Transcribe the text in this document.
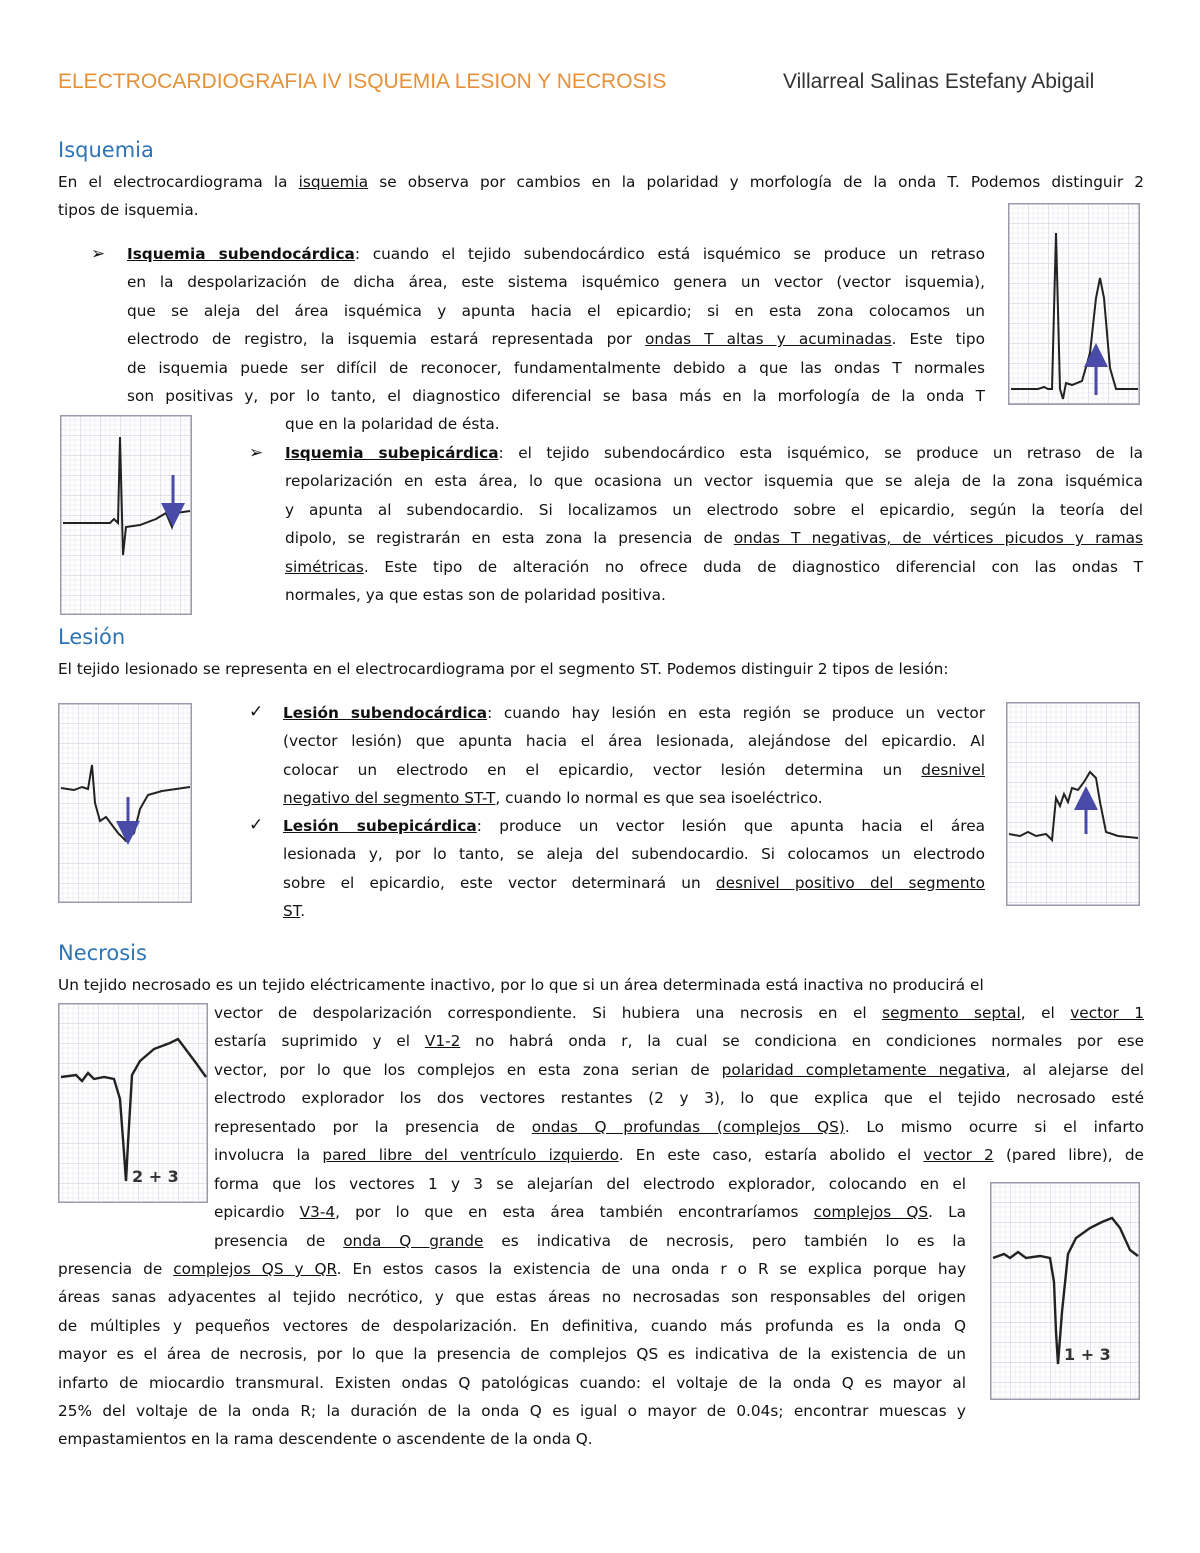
ELECTROCARDIOGRAFIA IV ISQUEMIA LESION Y NECROSIS	Villarreal Salinas Estefany Abigail
Isquemia
En el electrocardiograma la isquemia se observa por cambios en la polaridad y morfología de la onda T. Podemos distinguir 2
tipos de isquemia.
➢ Isquemia subendocárdica: cuando el tejido subendocárdico está isquémico se produce un retraso
en la despolarización de dicha área, este sistema isquémico genera un vector (vector isquemia),
que se aleja del área isquémica y apunta hacia el epicardio; si en esta zona colocamos un
electrodo de registro, la isquemia estará representada por ondas T altas y acuminadas. Este tipo
de isquemia puede ser difícil de reconocer, fundamentalmente debido a que las ondas T normales
son positivas y, por lo tanto, el diagnostico diferencial se basa más en la morfología de la onda T
que en la polaridad de ésta.
➢ Isquemia subepicárdica: el tejido subendocárdico esta isquémico, se produce un retraso de la
repolarización en esta área, lo que ocasiona un vector isquemia que se aleja de la zona isquémica
y apunta al subendocardio. Si localizamos un electrodo sobre el epicardio, según la teoría del
dipolo, se registrarán en esta zona la presencia de ondas T negativas, de vértices picudos y ramas
simétricas. Este tipo de alteración no ofrece duda de diagnostico diferencial con las ondas T
normales, ya que estas son de polaridad positiva.
Lesión
El tejido lesionado se representa en el electrocardiograma por el segmento ST. Podemos distinguir 2 tipos de lesión:
✓ Lesión subendocárdica: cuando hay lesión en esta región se produce un vector
(vector lesión) que apunta hacia el área lesionada, alejándose del epicardio. Al
colocar un electrodo en el epicardio, vector lesión determina un desnivel
negativo del segmento ST-T, cuando lo normal es que sea isoeléctrico.
✓ Lesión subepicárdica: produce un vector lesión que apunta hacia el área
lesionada y, por lo tanto, se aleja del subendocardio. Si colocamos un electrodo
sobre el epicardio, este vector determinará un desnivel positivo del segmento
ST.
Necrosis
Un tejido necrosado es un tejido eléctricamente inactivo, por lo que si un área determinada está inactiva no producirá el
vector de despolarización correspondiente. Si hubiera una necrosis en el segmento septal, el vector 1
estaría suprimido y el V1-2 no habrá onda r, la cual se condiciona en condiciones normales por ese
vector, por lo que los complejos en esta zona serian de polaridad completamente negativa, al alejarse del
electrodo explorador los dos vectores restantes (2 y 3), lo que explica que el tejido necrosado esté
representado por la presencia de ondas Q profundas (complejos QS). Lo mismo ocurre si el infarto
involucra la pared libre del ventrículo izquierdo. En este caso, estaría abolido el vector 2 (pared libre), de
forma que los vectores 1 y 3 se alejarían del electrodo explorador, colocando en el
epicardio V3-4, por lo que en esta área también encontraríamos complejos QS. La
presencia de onda Q grande es indicativa de necrosis, pero también lo es la
presencia de complejos QS y QR. En estos casos la existencia de una onda r o R se explica porque hay
áreas sanas adyacentes al tejido necrótico, y que estas áreas no necrosadas son responsables del origen
de múltiples y pequeños vectores de despolarización. En definitiva, cuando más profunda es la onda Q
mayor es el área de necrosis, por lo que la presencia de complejos QS es indicativa de la existencia de un
infarto de miocardio transmural. Existen ondas Q patológicas cuando: el voltaje de la onda Q es mayor al
25% del voltaje de la onda R; la duración de la onda Q es igual o mayor de 0.04s; encontrar muescas y
empastamientos en la rama descendente o ascendente de la onda Q.
2 + 3
1 + 3
